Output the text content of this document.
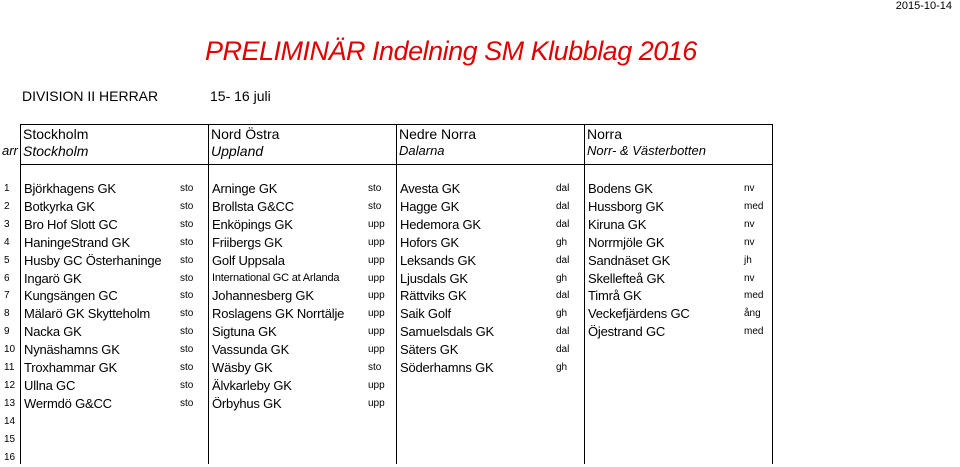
2015-10-14
PRELIMINÄR Indelning SM Klubblag 2016
DIVISION II HERRAR	15- 16 juli
arr
Stockholm
Stockholm
Nord Östra
Uppland
Nedre Norra
Dalarna
Norra
Norr- & Västerbotten
1 Björkhagens GK	sto Arninge GK	sto Avesta GK	dal Bodens GK	nv
2 Botkyrka GK	sto Brollsta G&CC	sto Hagge GK	dal Hussborg GK	med
3 Bro Hof Slott GC	sto Enköpings GK	upp Hedemora GK	dal Kiruna GK	nv
4 HaningeStrand GK	sto Friibergs GK	upp Hofors GK	gh Norrmjöle GK	nv
5 Husby GC Österhaninge sto Golf Uppsala	upp Leksands GK	dal Sandnäset GK	jh
6 Ingarö GK	sto International GC at Arlanda	upp Ljusdals GK	gh Skellefteå GK	nv
7 Kungsängen GC	sto Johannesberg GK	upp Rättviks GK	dal Timrå GK	med
8 Mälarö GK Skytteholm	sto Roslagens GK Norrtälje upp Saik Golf	gh Veckefjärdens GC	ång
9 Nacka GK	sto Sigtuna GK	upp Samuelsdals GK	dal Öjestrand GC	med
10 Nynäshamns GK	sto Vassunda GK	upp Säters GK	dal
11 Troxhammar GK	sto Wäsby GK	sto Söderhamns GK	gh
12 Ullna GC	sto Älvkarleby GK	upp
13 Wermdö G&CC	sto Örbyhus GK	upp
14
15
16
